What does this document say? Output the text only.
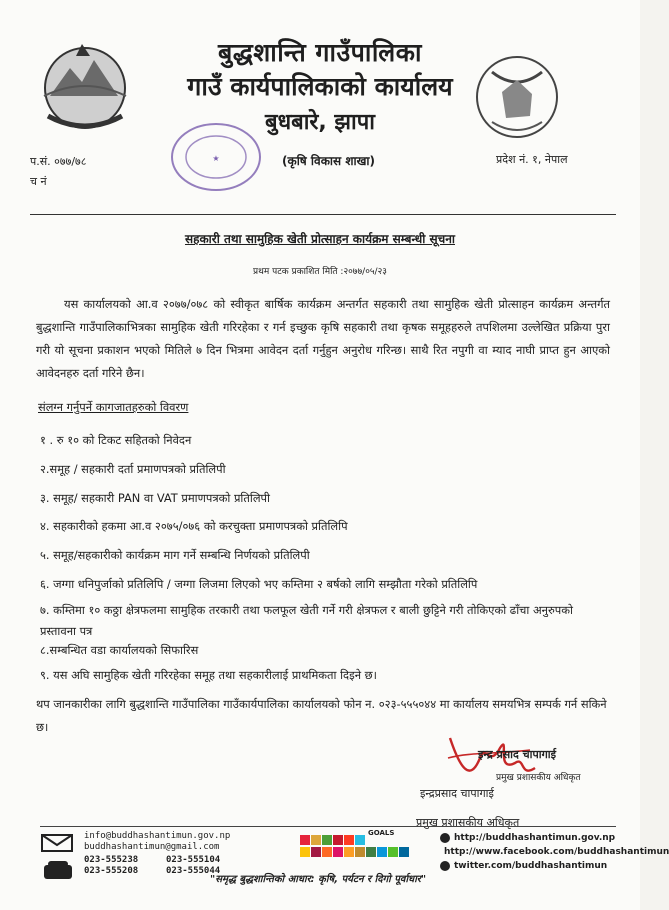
बुद्धशान्ति गाउँपालिका
गाउँ कार्यपालिकाको कार्यालय
बुधबारे, झापा
★
प.सं. ०७७/७८
च नं
(कृषि विकास शाखा)	प्रदेश नं. १, नेपाल
सहकारी तथा सामुहिक खेती प्रोत्साहन कार्यक्रम सम्बन्धी सूचना
प्रथम पटक प्रकाशित मिति :२०७७/०५/२३
यस कार्यालयको आ.व २०७७/०७८ को स्वीकृत बार्षिक कार्यक्रम अन्तर्गत सहकारी तथा सामुहिक खेती प्रोत्साहन कार्यक्रम अन्तर्गत बुद्धशान्ति गाउँपालिकाभित्रका सामुहिक खेती गरिरहेका र गर्न इच्छुक कृषि सहकारी तथा कृषक समूहहरुले तपशिलमा उल्लेखित प्रक्रिया पुरा गरी यो सूचना प्रकाशन भएको मितिले ७ दिन भित्रमा आवेदन दर्ता गर्नुहुन अनुरोध गरिन्छ। साथै रित नपुगी वा म्याद नाघी प्राप्त हुन आएको आवेदनहरु दर्ता गरिने छैन।
संलग्न गर्नुपर्ने कागजातहरुको विवरण
१ . रु १० को टिकट सहितको निवेदन
२.समूह / सहकारी दर्ता प्रमाणपत्रको प्रतिलिपी
३. समूह/ सहकारी PAN वा VAT प्रमाणपत्रको प्रतिलिपी
४. सहकारीको हकमा आ.व २०७५/०७६ को करचुक्ता प्रमाणपत्रको प्रतिलिपि
५. समूह/सहकारीको कार्यक्रम माग गर्ने सम्बन्धि निर्णयको प्रतिलिपी
६. जग्गा धनिपुर्जाको प्रतिलिपि / जग्गा लिजमा लिएको भए कम्तिमा २ बर्षको लागि सम्झौता गरेको प्रतिलिपि
७. कम्तिमा १० कठ्ठा क्षेत्रफलमा सामुहिक तरकारी तथा फलफूल खेती गर्ने गरी क्षेत्रफल र बाली छुट्टिने गरी तोकिएको ढाँचा अनुरुपको प्रस्तावना पत्र
८.सम्बन्धित वडा कार्यालयको सिफारिस
९. यस अघि सामुहिक खेती गरिरहेका समूह तथा सहकारीलाई प्राथमिकता दिइने छ।
थप जानकारीका लागि बुद्धशान्ति गाउँपालिका गाउँकार्यपालिका कार्यालयको फोन न. ०२३-५५५०४४ मा कार्यालय समयभित्र सम्पर्क गर्न सकिने छ।
इन्द्र प्रसाद चापागाई
प्रमुख प्रशासकीय अधिकृत
इन्द्रप्रसाद चापागाई
प्रमुख प्रशासकीय अधिकृत
info@buddhashantimun.gov.np
buddhashantimun@gmail.com
023-555238	023-555104
023-555208	023-555044
GOALS	http://buddhashantimun.gov.np
http://www.facebook.com/buddhashantimun
twitter.com/buddhashantimun
"समृद्ध बुद्धशान्तिको आधार: कृषि, पर्यटन र दिगो पूर्वाधार"
